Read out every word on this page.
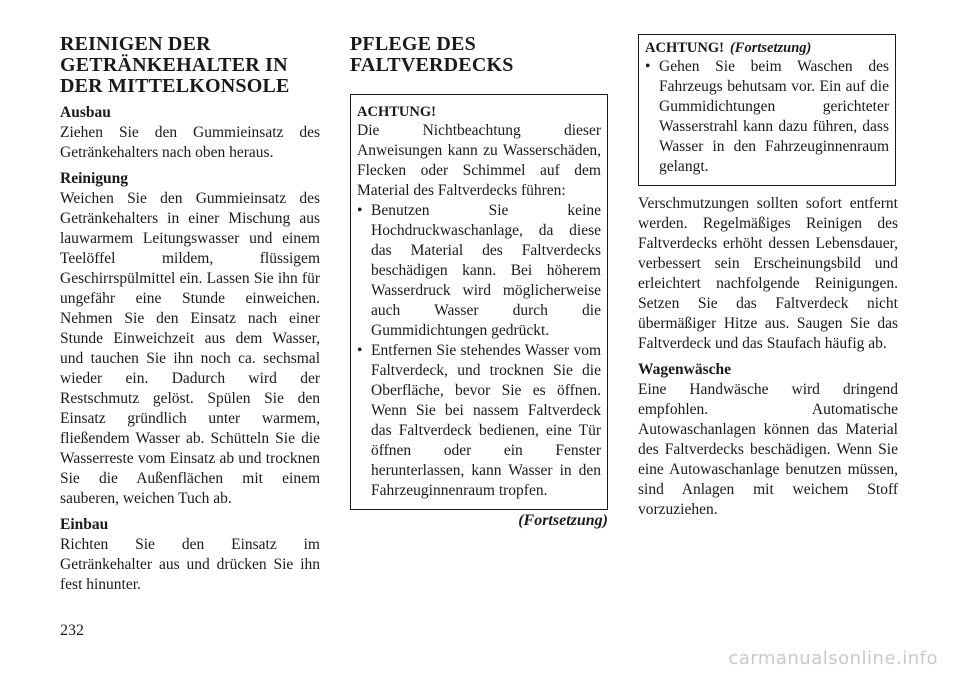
REINIGEN DER
GETRÄNKEHALTER IN
DER MITTELKONSOLE
Ausbau

Ziehen Sie den Gummieinsatz des Getränkehalters nach oben heraus.

Reinigung

Weichen Sie den Gummieinsatz des Getränkehalters in einer Mischung aus lauwarmem Leitungswasser und einem Teelöffel mildem, flüssigem Geschirrspülmittel ein. Lassen Sie ihn für ungefähr eine Stunde einweichen. Nehmen Sie den Einsatz nach einer Stunde Einweichzeit aus dem Wasser, und tauchen Sie ihn noch ca. sechsmal wieder ein. Dadurch wird der Restschmutz gelöst. Spülen Sie den Einsatz gründlich unter warmem, fließendem Wasser ab. Schütteln Sie die Wasserreste vom Einsatz ab und trocknen Sie die Außenflächen mit einem sauberen, weichen Tuch ab.

Einbau

Richten Sie den Einsatz im Getränkehalter aus und drücken Sie ihn fest hinunter.

PFLEGE DES
FALTVERDECKS
ACHTUNG!

Die Nichtbeachtung dieser Anweisungen kann zu Wasserschäden, Flecken oder Schimmel auf dem Material des Faltverdecks führen:

• Benutzen Sie keine Hochdruckwaschanlage, da diese das Material des Faltverdecks beschädigen kann. Bei höherem Wasserdruck wird möglicherweise auch Wasser durch die Gummidichtungen gedrückt.
• Entfernen Sie stehendes Wasser vom Faltverdeck, und trocknen Sie die Oberfläche, bevor Sie es öffnen. Wenn Sie bei nassem Faltverdeck das Faltverdeck bedienen, eine Tür öffnen oder ein Fenster herunterlassen, kann Wasser in den Fahrzeuginnenraum tropfen.
(Fortsetzung)
ACHTUNG! (Fortsetzung)
• Gehen Sie beim Waschen des Fahrzeugs behutsam vor. Ein auf die Gummidichtungen gerichteter Wasserstrahl kann dazu führen, dass Wasser in den Fahrzeuginnenraum gelangt.

Verschmutzungen sollten sofort entfernt werden. Regelmäßiges Reinigen des Faltverdecks erhöht dessen Lebensdauer, verbessert sein Erscheinungsbild und erleichtert nachfolgende Reinigungen. Setzen Sie das Faltverdeck nicht übermäßiger Hitze aus. Saugen Sie das Faltverdeck und das Staufach häufig ab.

Wagenwäsche

Eine Handwäsche wird dringend empfohlen. Automatische Autowaschanlagen können das Material des Faltverdecks beschädigen. Wenn Sie eine Autowaschanlage benutzen müssen, sind Anlagen mit weichem Stoff vorzuziehen.

232
carmanualsonline.info
